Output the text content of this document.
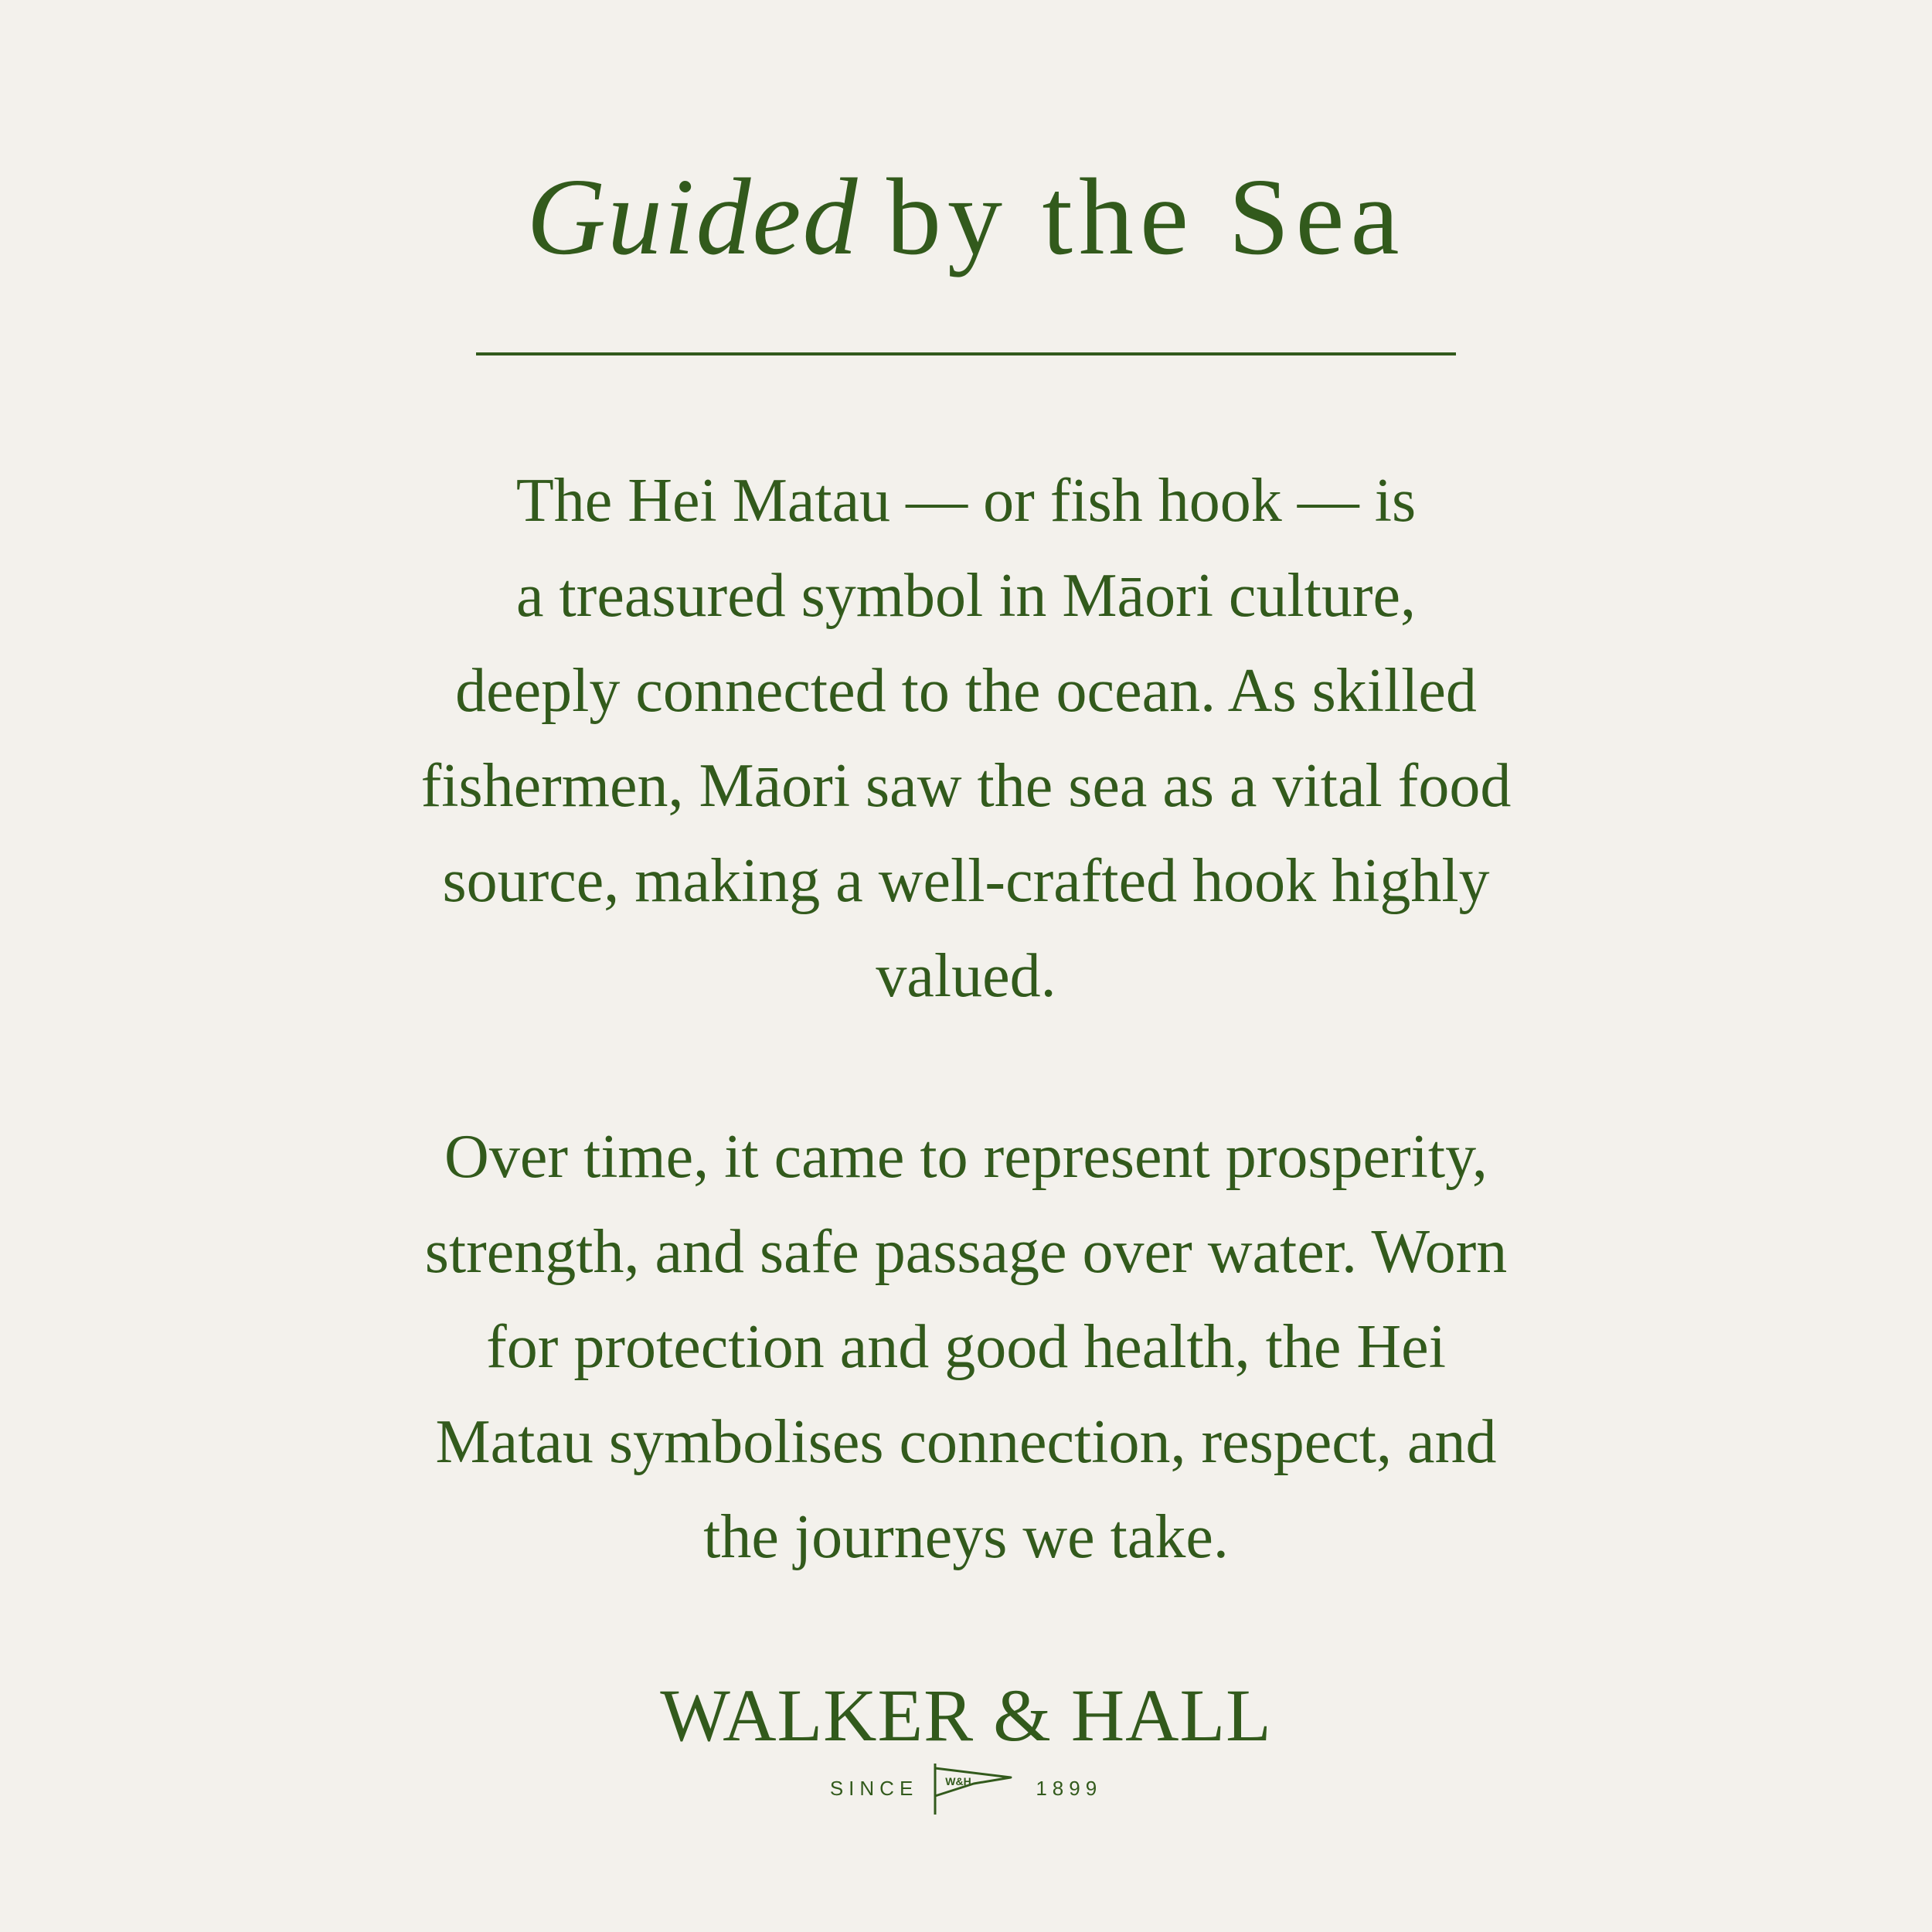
Guided by the Sea

The Hei Matau — or fish hook — is
a treasured symbol in Māori culture,
deeply connected to the ocean. As skilled
fishermen, Māori saw the sea as a vital food
source, making a well-crafted hook highly
valued.

Over time, it came to represent prosperity,
strength, and safe passage over water. Worn
for protection and good health, the Hei
Matau symbolises connection, respect, and
the journeys we take.

WALKER & HALL
SINCE	W&H	1899
